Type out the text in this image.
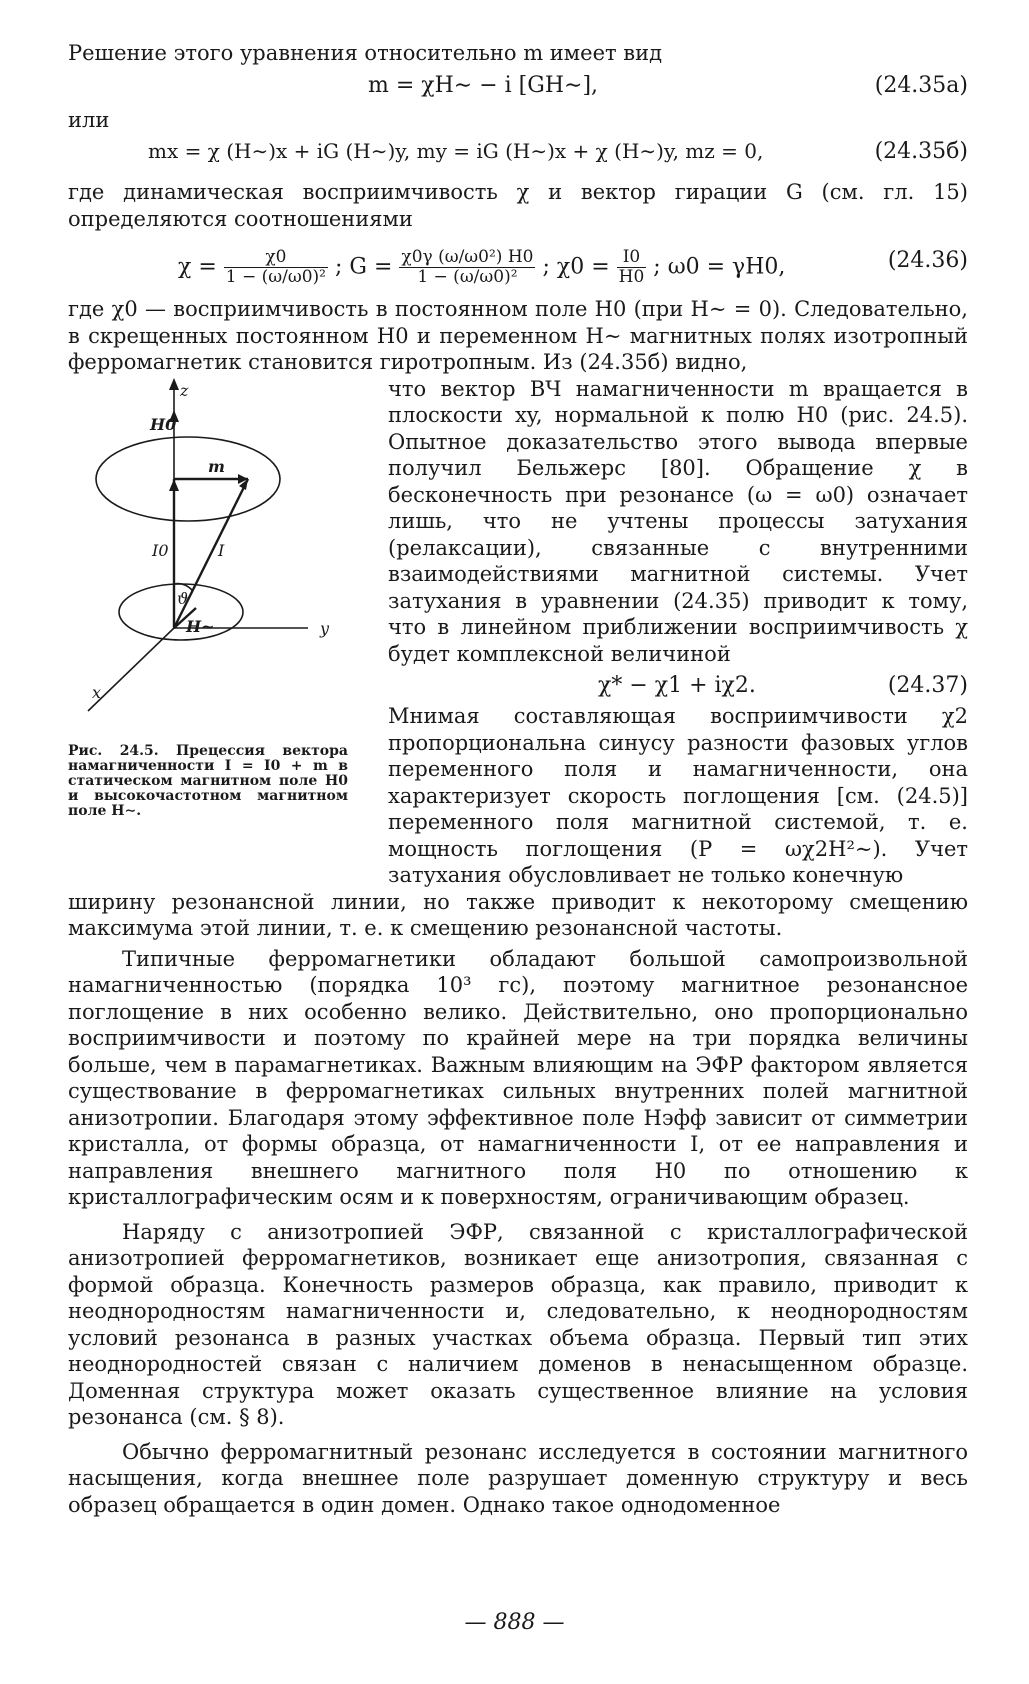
Решение этого уравнения относительно m имеет вид

m = χH∼ − i [GH∼],	(24.35а)

или

mx = χ (H∼)x + iG (H∼)y, my = iG (H∼)x + χ (H∼)y, mz = 0,	(24.35б)

где динамическая восприимчивость χ и вектор гирации G (см. гл. 15) определяются соотношениями

$\chi = \frac{\chi 0}{\text{1 − (ω/ω0)²}}$ ; $G = \frac{\text{χ0γ (ω/ω0²) H0}}{\text{1 − (ω/ω0)²}}$ ; $\chi 0 = \frac{I0}{H0}$ ; ω0 = γH0,	(24.36)

где χ0 — восприимчивость в постоянном поле H0 (при H∼ = 0). Следовательно, в скрещенных постоянном H0 и переменном H∼ магнитных полях изотропный ферромагнетик становится гиротропным. Из (24.35б) видно,

z
H0
m
I0	I
ϑ
H∼	y
x
Рис. 24.5. Прецессия вектора намагниченности I = I0 + m в статическом магнитном поле H0 и высокочастотном магнитном поле H∼.

что вектор ВЧ намагниченности m вращается в плоскости xy, нормальной к полю H0 (рис. 24.5). Опытное доказательство этого вывода впервые получил Бельжерс [80]. Обращение χ в бесконечность при резонансе (ω = ω0) означает лишь, что не учтены процессы затухания (релаксации), связанные с внутренними взаимодействиями магнитной системы. Учет затухания в уравнении (24.35) приводит к тому, что в линейном приближении восприимчивость χ будет комплексной величиной

χ* − χ1 + iχ2.	(24.37)

Мнимая составляющая восприимчивости χ2 пропорциональна синусу разности фазовых углов переменного поля и намагниченности, она характеризует скорость поглощения [см. (24.5)] переменного поля магнитной системой, т. е. мощность поглощения (P = ωχ2H²∼). Учет затухания обусловливает не только конечную

ширину резонансной линии, но также приводит к некоторому смещению максимума этой линии, т. е. к смещению резонансной частоты.

Типичные ферромагнетики обладают большой самопроизвольной намагниченностью (порядка 10³ гс), поэтому магнитное резонансное поглощение в них особенно велико. Действительно, оно пропорционально восприимчивости и поэтому по крайней мере на три порядка величины больше, чем в парамагнетиках. Важным влияющим на ЭФР фактором является существование в ферромагнетиках сильных внутренних полей магнитной анизотропии. Благодаря этому эффективное поле Hэфф зависит от симметрии кристалла, от формы образца, от намагниченности I, от ее направления и направления внешнего магнитного поля H0 по отношению к кристаллографическим осям и к поверхностям, ограничивающим образец.

Наряду с анизотропией ЭФР, связанной с кристаллографической анизотропией ферромагнетиков, возникает еще анизотропия, связанная с формой образца. Конечность размеров образца, как правило, приводит к неоднородностям намагниченности и, следовательно, к неоднородностям условий резонанса в разных участках объема образца. Первый тип этих неоднородностей связан с наличием доменов в ненасыщенном образце. Доменная структура может оказать существенное влияние на условия резонанса (см. § 8).

Обычно ферромагнитный резонанс исследуется в состоянии магнитного насыщения, когда внешнее поле разрушает доменную структуру и весь образец обращается в один домен. Однако такое однодоменное

— 888 —
